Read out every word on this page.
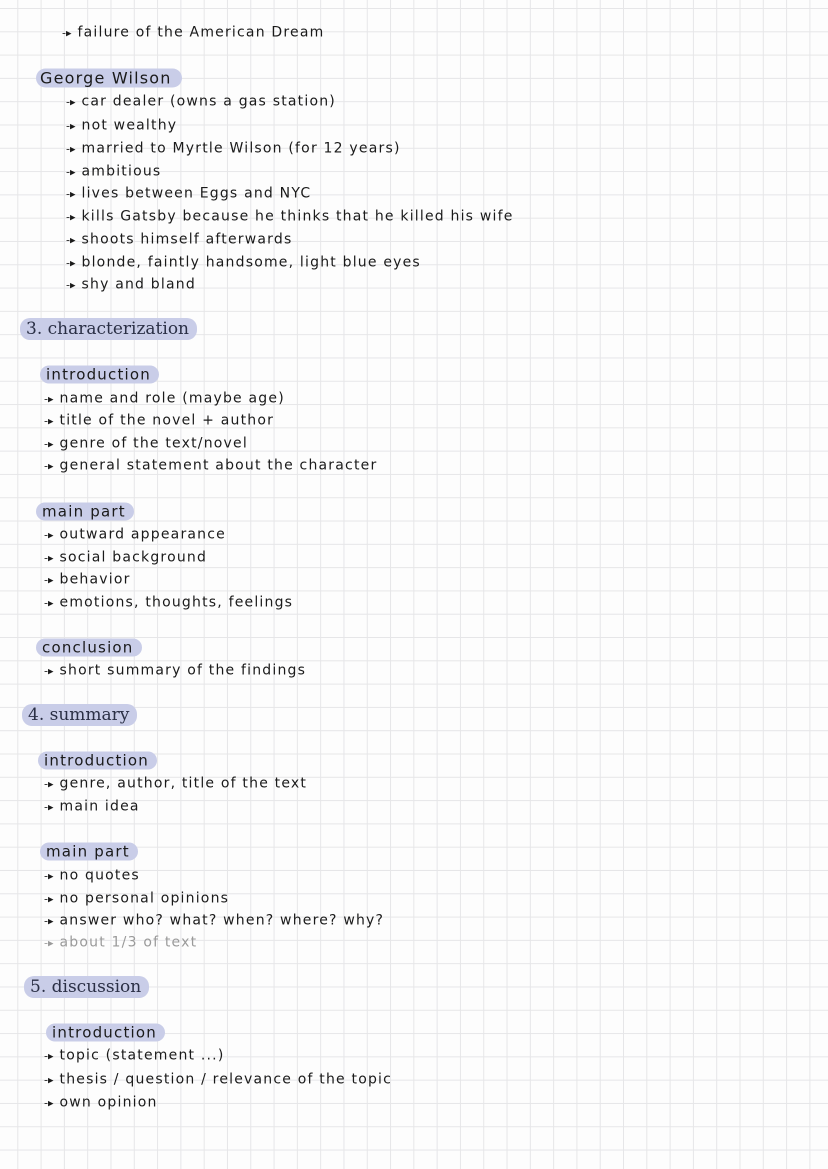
-▸ failure of the American Dream
George Wilson
-▸ car dealer (owns a gas station)
-▸ not wealthy
-▸ married to Myrtle Wilson (for 12 years)
-▸ ambitious
-▸ lives between Eggs and NYC
-▸ kills Gatsby because he thinks that he killed his wife
-▸ shoots himself afterwards
-▸ blonde, faintly handsome, light blue eyes
-▸ shy and bland
3. characterization
introduction
-▸ name and role (maybe age)
-▸ title of the novel + author
-▸ genre of the text/novel
-▸ general statement about the character
main part
-▸ outward appearance
-▸ social background
-▸ behavior
-▸ emotions, thoughts, feelings
conclusion
-▸ short summary of the findings
4. summary
introduction
-▸ genre, author, title of the text
-▸ main idea
main part
-▸ no quotes
-▸ no personal opinions
-▸ answer who? what? when? where? why?
-▸ about 1/3 of text
5. discussion
introduction
-▸ topic (statement ...)
-▸ thesis / question / relevance of the topic
-▸ own opinion
